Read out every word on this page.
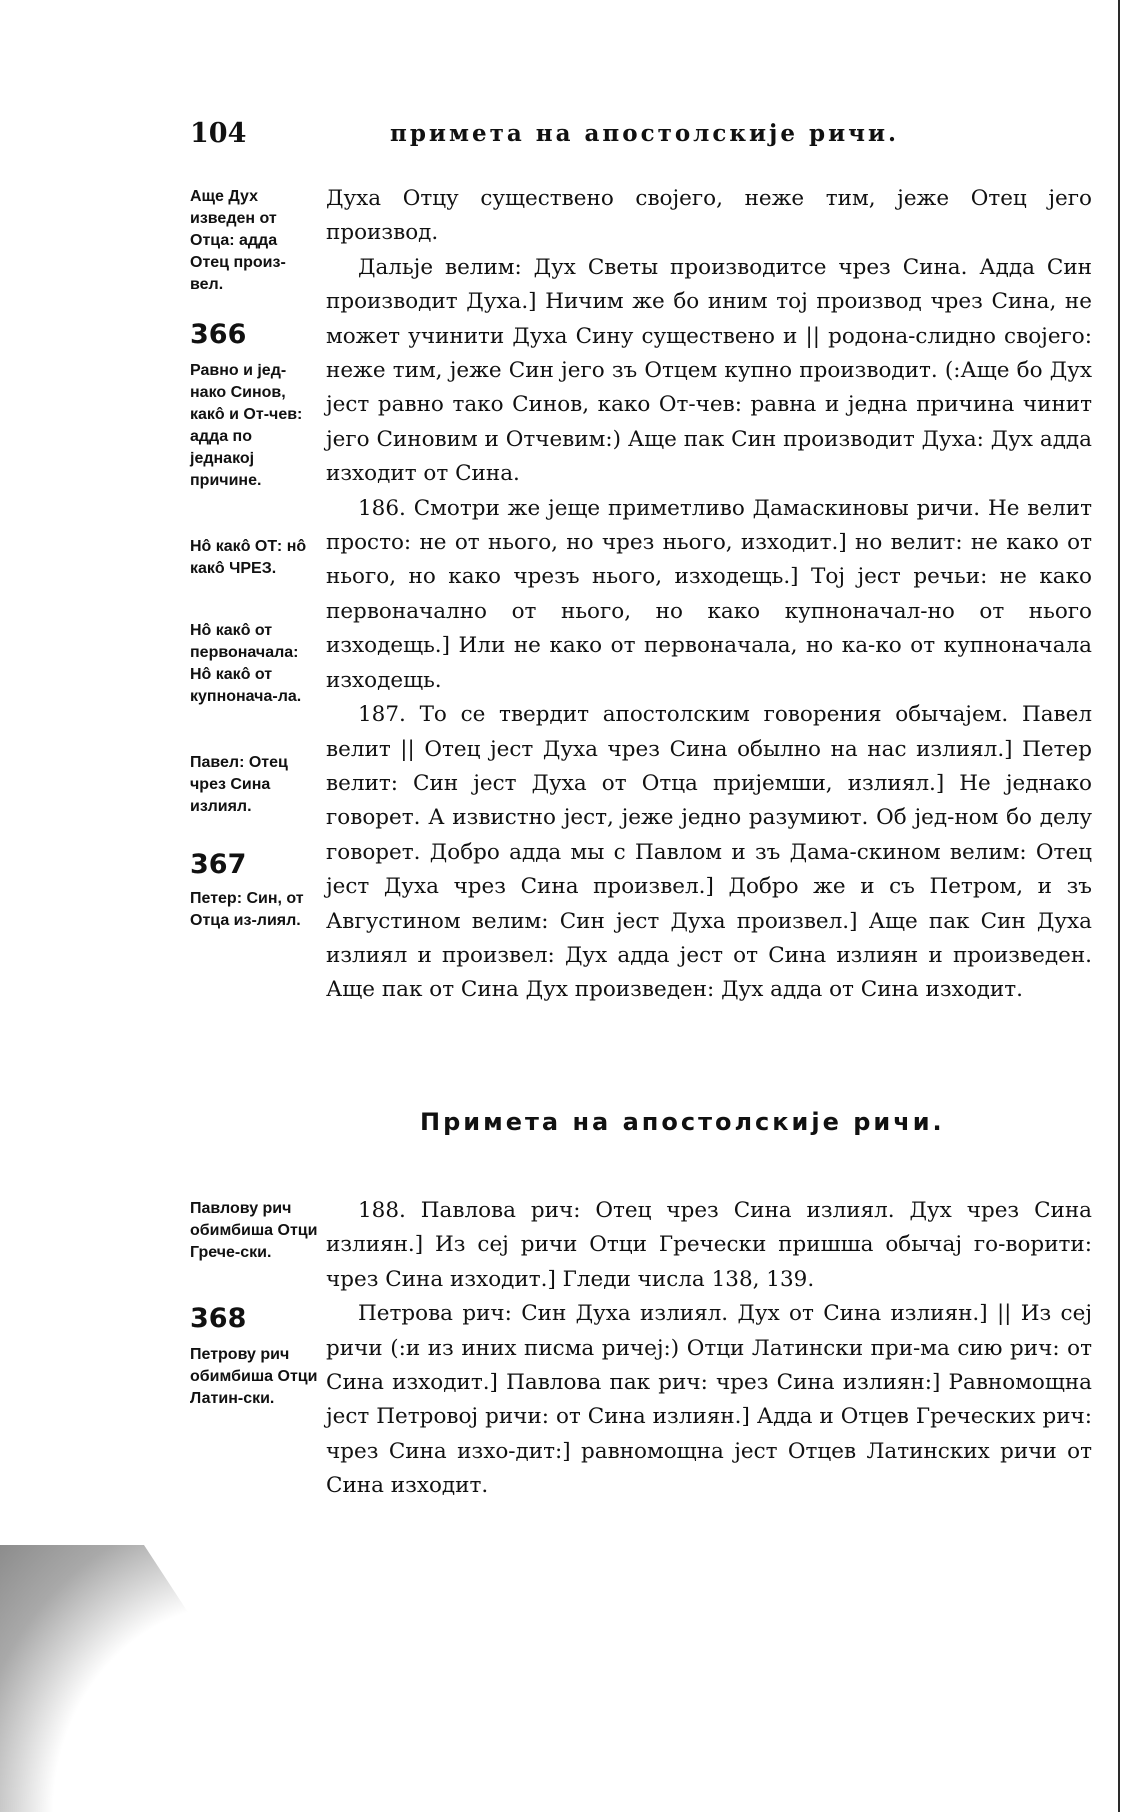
104	примета на апостолскије ричи.
Аще Дух изведен от Отца: адда Отец произ-вел.
366
Равно и јед-нако Синов, какô и От-чев: адда по једнакој причине.
Нô какô ОТ: нô какô ЧРЕЗ.
Нô какô от первоначала: Нô какô от купнонача-ла.
Павел: Отец чрез Сина излиял.
367
Петер: Син, от Отца из-лиял.

Духа Отцу существено својего, неже тим, јеже Отец јего производ.

Дальје велим: Дух Светы производитсе чрез Сина. Адда Син производит Духа.] Ничим же бо иним тој производ чрез Сина, не может учинити Духа Сину существено и || родона-слидно својего: неже тим, јеже Син јего зъ Отцем купно производит. (:Аще бо Дух јест равно тако Синов, како От-чев: равна и једна причина чинит јего Синовим и Отчевим:) Аще пак Син производит Духа: Дух адда изходит от Сина.

186. Смотри же јеще приметливо Дамаскиновы ричи. Не велит просто: не от нього, но чрез нього, изходит.] но велит: не како от нього, но како чрезъ нього, изходещь.] Тој јест речьи: не како первоначално от нього, но како купноначал-но от нього изходещь.] Или не како от первоначала, но ка-ко от купноначала изходещь.

187. То се твердит апостолским говорения обычајем. Павел велит || Отец јест Духа чрез Сина обылно на нас излиял.] Петер велит: Син јест Духа от Отца пријемши, излиял.] Не једнако говорет. А извистно јест, јеже једно разумиют. Об јед-ном бо делу говорет. Добро адда мы с Павлом и зъ Дама-скином велим: Отец јест Духа чрез Сина произвел.] Добро же и съ Петром, и зъ Августином велим: Син јест Духа произвел.] Аще пак Син Духа излиял и произвел: Дух адда јест от Сина излиян и произведен. Аще пак от Сина Дух произведен: Дух адда от Сина изходит.

Примета на апостолскије ричи.
Павлову рич обимбиша Отци Грече-ски.
368
Петрову рич обимбиша Отци Латин-ски.

188. Павлова рич: Отец чрез Сина излиял. Дух чрез Сина излиян.] Из сеј ричи Отци Гречески пришша обычај го-ворити: чрез Сина изходит.] Гледи числа 138, 139.

Петрова рич: Син Духа излиял. Дух от Сина излиян.] || Из сеј ричи (:и из иних писма ричеј:) Отци Латински при-ма сию рич: от Сина изходит.] Павлова пак рич: чрез Сина излиян:] Равномощна јест Петровој ричи: от Сина излиян.] Адда и Отцев Греческих рич: чрез Сина изхо-дит:] равномощна јест Отцев Латинских ричи от Сина изходит.
